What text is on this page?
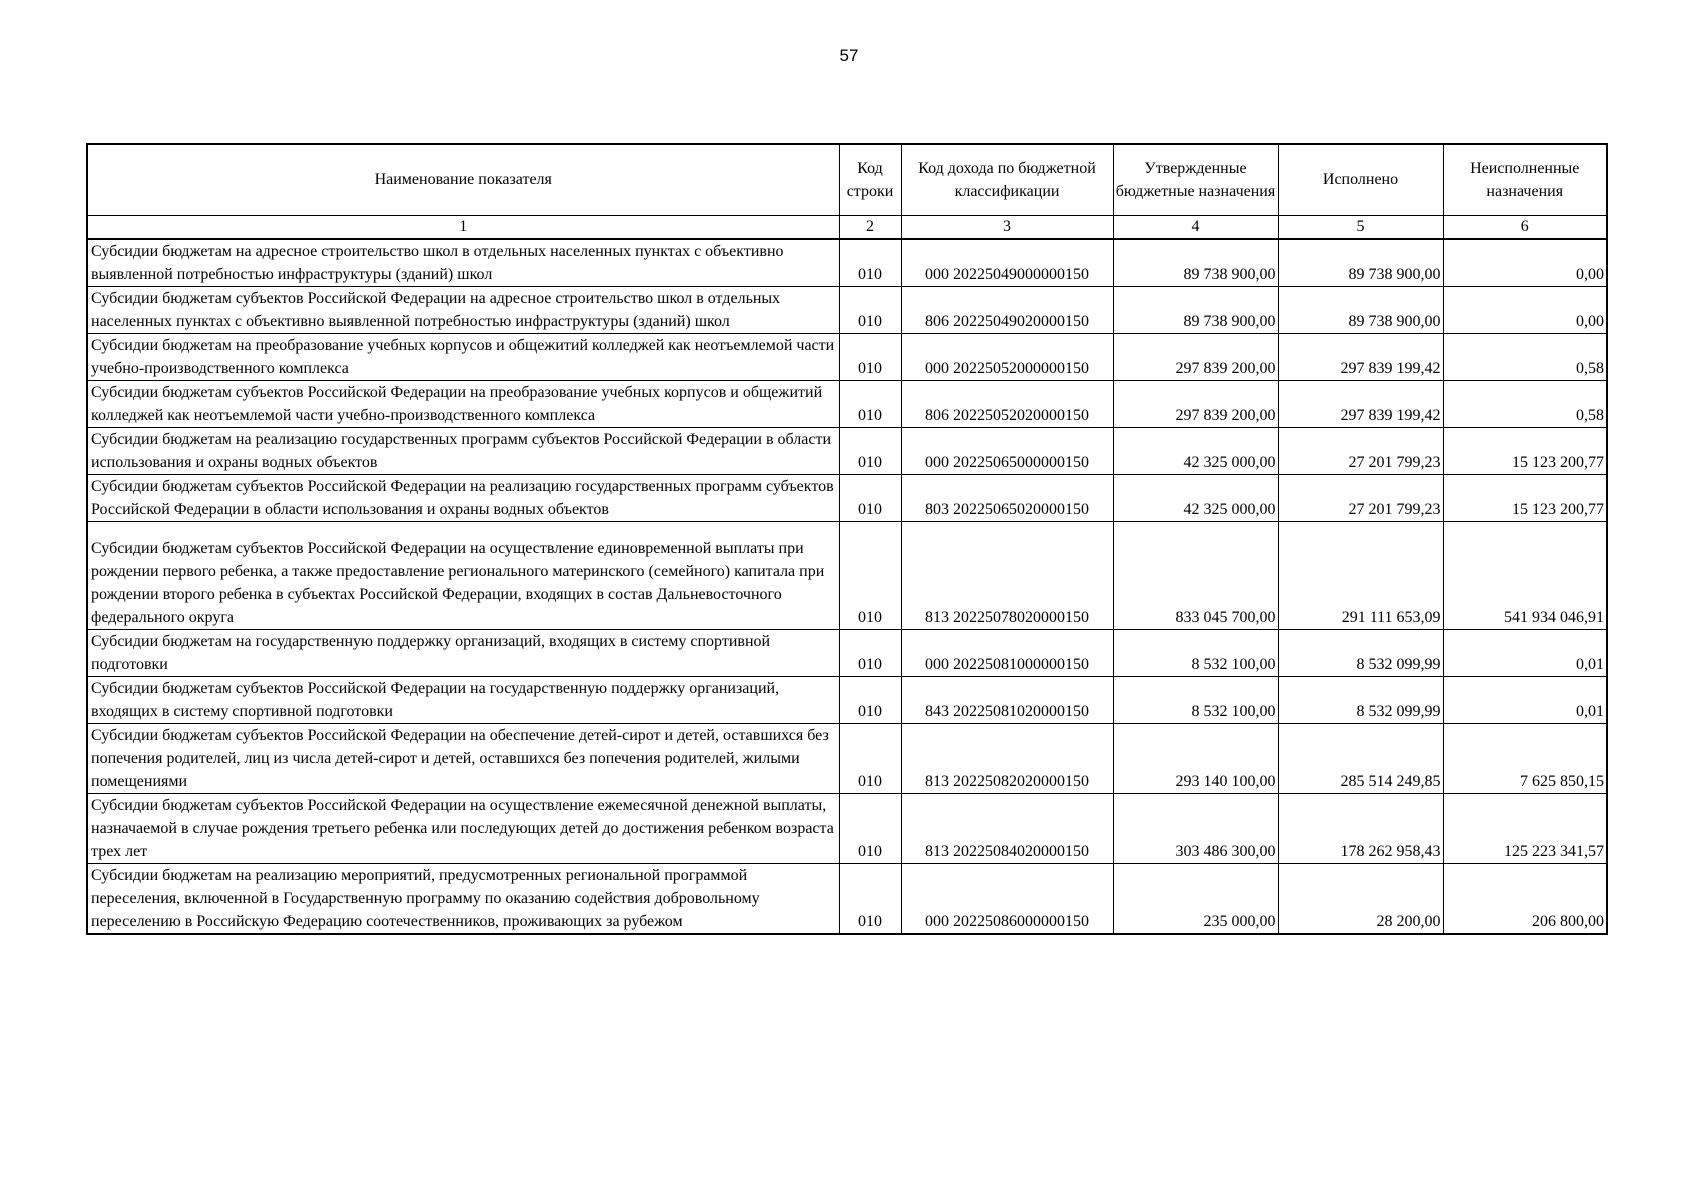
57
Наименование показателя	Код строки	Код дохода по бюджетной классификации	Утвержденные бюджетные назначения	Исполнено	Неисполненные назначения
1	2	3	4	5	6
Субсидии бюджетам на адресное строительство школ в отдельных населенных пунктах с объективно выявленной потребностью инфраструктуры (зданий) школ	010	000 20225049000000150	89 738 900,00	89 738 900,00	0,00
Субсидии бюджетам субъектов Российской Федерации на адресное строительство школ в отдельных населенных пунктах с объективно выявленной потребностью инфраструктуры (зданий) школ	010	806 20225049020000150	89 738 900,00	89 738 900,00	0,00
Субсидии бюджетам на преобразование учебных корпусов и общежитий колледжей как неотъемлемой части учебно-производственного комплекса	010	000 20225052000000150	297 839 200,00	297 839 199,42	0,58
Субсидии бюджетам субъектов Российской Федерации на преобразование учебных корпусов и общежитий колледжей как неотъемлемой части учебно-производственного комплекса	010	806 20225052020000150	297 839 200,00	297 839 199,42	0,58
Субсидии бюджетам на реализацию государственных программ субъектов Российской Федерации в области использования и охраны водных объектов	010	000 20225065000000150	42 325 000,00	27 201 799,23	15 123 200,77
Субсидии бюджетам субъектов Российской Федерации на реализацию государственных программ субъектов Российской Федерации в области использования и охраны водных объектов	010	803 20225065020000150	42 325 000,00	27 201 799,23	15 123 200,77
Субсидии бюджетам субъектов Российской Федерации на осуществление единовременной выплаты при рождении первого ребенка, а также предоставление регионального материнского (семейного) капитала при рождении второго ребенка в субъектах Российской Федерации, входящих в состав Дальневосточного федерального округа	010	813 20225078020000150	833 045 700,00	291 111 653,09	541 934 046,91
Субсидии бюджетам на государственную поддержку организаций, входящих в систему спортивной подготовки	010	000 20225081000000150	8 532 100,00	8 532 099,99	0,01
Субсидии бюджетам субъектов Российской Федерации на государственную поддержку организаций, входящих в систему спортивной подготовки	010	843 20225081020000150	8 532 100,00	8 532 099,99	0,01
Субсидии бюджетам субъектов Российской Федерации на обеспечение детей-сирот и детей, оставшихся без попечения родителей, лиц из числа детей-сирот и детей, оставшихся без попечения родителей, жилыми помещениями	010	813 20225082020000150	293 140 100,00	285 514 249,85	7 625 850,15
Субсидии бюджетам субъектов Российской Федерации на осуществление ежемесячной денежной выплаты, назначаемой в случае рождения третьего ребенка или последующих детей до достижения ребенком возраста трех лет	010	813 20225084020000150	303 486 300,00	178 262 958,43	125 223 341,57
Субсидии бюджетам на реализацию мероприятий, предусмотренных региональной программой переселения, включенной в Государственную программу по оказанию содействия добровольному переселению в Российскую Федерацию соотечественников, проживающих за рубежом	010	000 20225086000000150	235 000,00	28 200,00	206 800,00
